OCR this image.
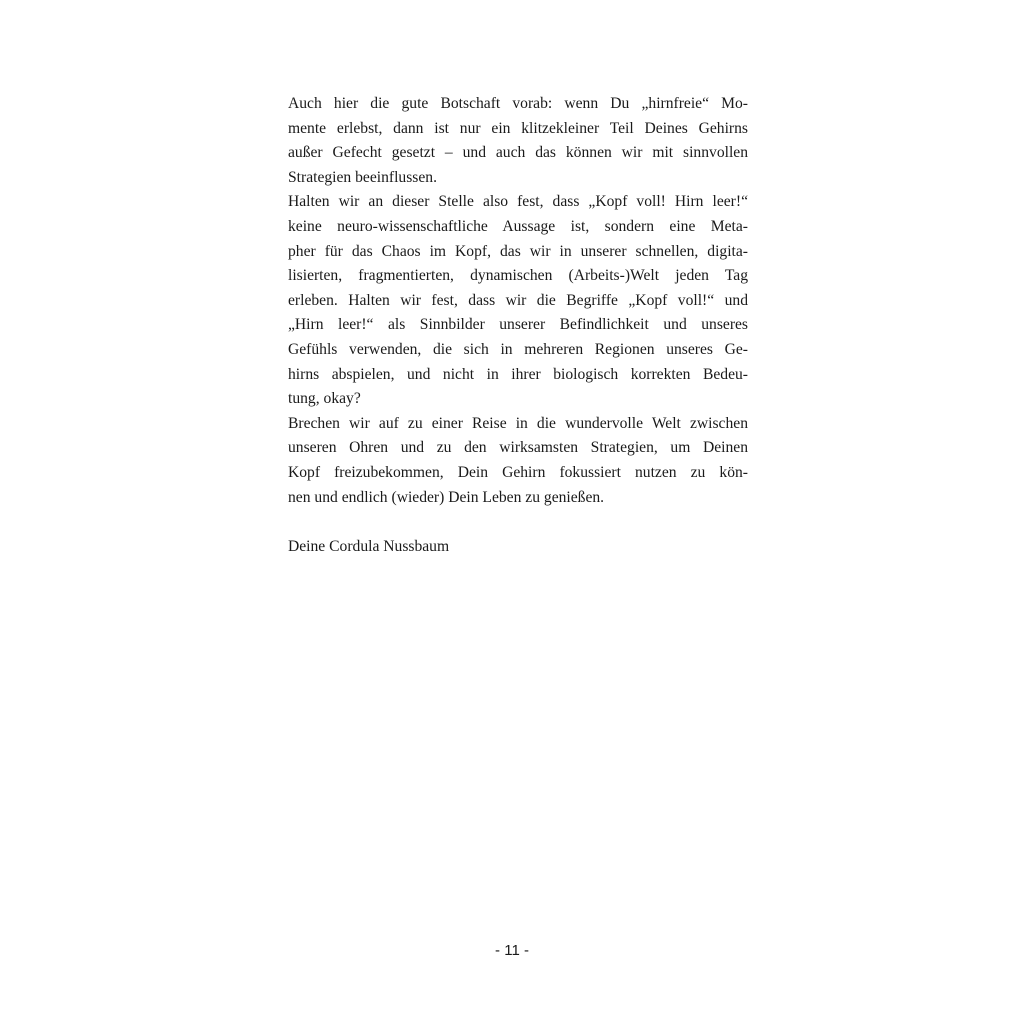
Auch hier die gute Botschaft vorab: wenn Du „hirnfreie“ Mo-
mente erlebst, dann ist nur ein klitzekleiner Teil Deines Gehirns
außer Gefecht gesetzt – und auch das können wir mit sinnvollen
Strategien beeinflussen.
Halten wir an dieser Stelle also fest, dass „Kopf voll! Hirn leer!“
keine neuro-wissenschaftliche Aussage ist, sondern eine Meta-
pher für das Chaos im Kopf, das wir in unserer schnellen, digita-
lisierten, fragmentierten, dynamischen (Arbeits-)Welt jeden Tag
erleben. Halten wir fest, dass wir die Begriffe „Kopf voll!“ und
„Hirn leer!“ als Sinnbilder unserer Befindlichkeit und unseres
Gefühls verwenden, die sich in mehreren Regionen unseres Ge-
hirns abspielen, und nicht in ihrer biologisch korrekten Bedeu-
tung, okay?
Brechen wir auf zu einer Reise in die wundervolle Welt zwischen
unseren Ohren und zu den wirksamsten Strategien, um Deinen
Kopf freizubekommen, Dein Gehirn fokussiert nutzen zu kön-
nen und endlich (wieder) Dein Leben zu genießen.
Deine Cordula Nussbaum
- 11 -
